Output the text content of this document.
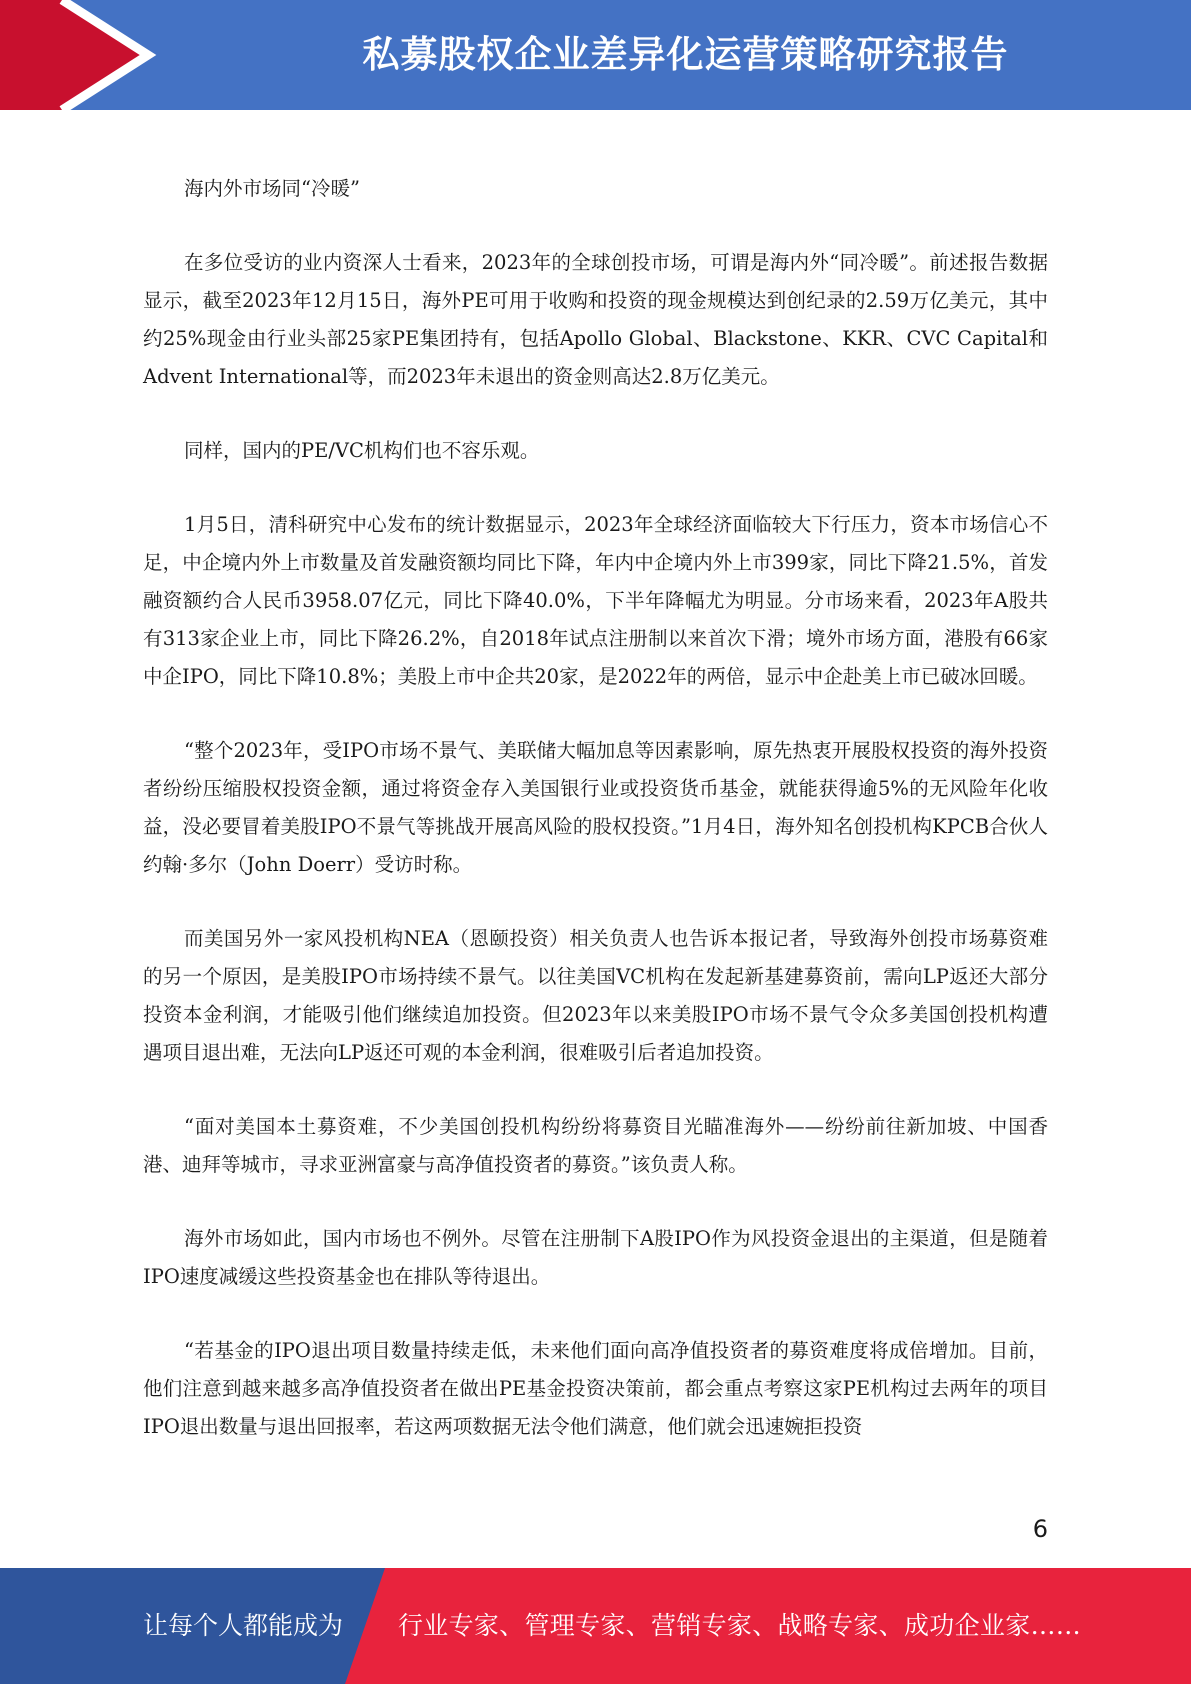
私募股权企业差异化运营策略研究报告

海内外市场同“冷暖”

在多位受访的业内资深人士看来，2023年的全球创投市场，可谓是海内外“同冷暖”。前述报告数据显示，截至2023年12月15日，海外PE可用于收购和投资的现金规模达到创纪录的2.59万亿美元，其中约25%现金由行业头部25家PE集团持有，包括Apollo Global、Blackstone、KKR、CVC Capital和Advent International等，而2023年未退出的资金则高达2.8万亿美元。

同样，国内的PE/VC机构们也不容乐观。

1月5日，清科研究中心发布的统计数据显示，2023年全球经济面临较大下行压力，资本市场信心不足，中企境内外上市数量及首发融资额均同比下降，年内中企境内外上市399家，同比下降21.5%，首发融资额约合人民币3958.07亿元，同比下降40.0%，下半年降幅尤为明显。分市场来看，2023年A股共有313家企业上市，同比下降26.2%，自2018年试点注册制以来首次下滑；境外市场方面，港股有66家中企IPO，同比下降10.8%；美股上市中企共20家，是2022年的两倍，显示中企赴美上市已破冰回暖。

“整个2023年，受IPO市场不景气、美联储大幅加息等因素影响，原先热衷开展股权投资的海外投资者纷纷压缩股权投资金额，通过将资金存入美国银行业或投资货币基金，就能获得逾5%的无风险年化收益，没必要冒着美股IPO不景气等挑战开展高风险的股权投资。”1月4日，海外知名创投机构KPCB合伙人约翰·多尔（John Doerr）受访时称。

而美国另外一家风投机构NEA（恩颐投资）相关负责人也告诉本报记者，导致海外创投市场募资难的另一个原因，是美股IPO市场持续不景气。以往美国VC机构在发起新基建募资前，需向LP返还大部分投资本金利润，才能吸引他们继续追加投资。但2023年以来美股IPO市场不景气令众多美国创投机构遭遇项目退出难，无法向LP返还可观的本金利润，很难吸引后者追加投资。

“面对美国本土募资难，不少美国创投机构纷纷将募资目光瞄准海外——纷纷前往新加坡、中国香港、迪拜等城市，寻求亚洲富豪与高净值投资者的募资。”该负责人称。

海外市场如此，国内市场也不例外。尽管在注册制下A股IPO作为风投资金退出的主渠道，但是随着IPO速度减缓这些投资基金也在排队等待退出。

“若基金的IPO退出项目数量持续走低，未来他们面向高净值投资者的募资难度将成倍增加。目前，他们注意到越来越多高净值投资者在做出PE基金投资决策前，都会重点考察这家PE机构过去两年的项目IPO退出数量与退出回报率，若这两项数据无法令他们满意，他们就会迅速婉拒投资

6
让每个人都能成为 行业专家、管理专家、营销专家、战略专家、成功企业家……
